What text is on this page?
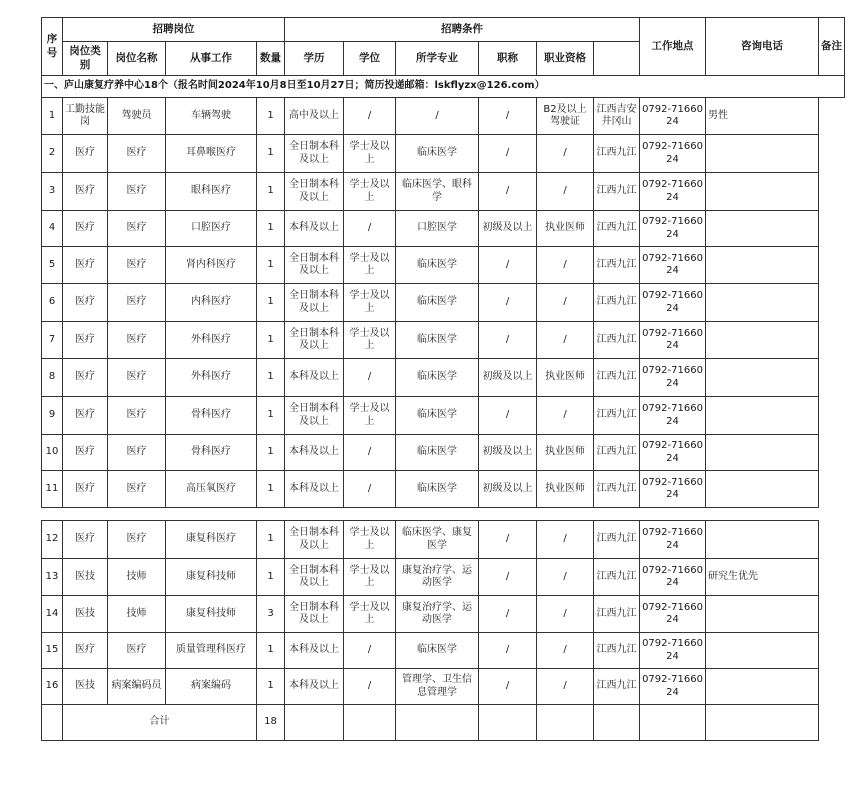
序号	招聘岗位				招聘条件						工作地点	咨询电话	备注
	岗位类别	岗位名称	从事工作	数量	学历	学位	所学专业	职称	职业资格				
一、庐山康复疗养中心18个（报名时间2024年10月8日至10月27日；简历投递邮箱：lskflyzx@126.com）													
1	工勤技能岗	驾驶员	车辆驾驶	1	高中及以上	/	/	/	B2及以上驾驶证	江西吉安井冈山	0792-7166024	男性	
2	医疗	医疗	耳鼻喉医疗	1	全日制本科及以上	学士及以上	临床医学	/	/	江西九江	0792-7166024		
3	医疗	医疗	眼科医疗	1	全日制本科及以上	学士及以上	临床医学、眼科学	/	/	江西九江	0792-7166024		
4	医疗	医疗	口腔医疗	1	本科及以上	/	口腔医学	初级及以上	执业医师	江西九江	0792-7166024		
5	医疗	医疗	肾内科医疗	1	全日制本科及以上	学士及以上	临床医学	/	/	江西九江	0792-7166024		
6	医疗	医疗	内科医疗	1	全日制本科及以上	学士及以上	临床医学	/	/	江西九江	0792-7166024		
7	医疗	医疗	外科医疗	1	全日制本科及以上	学士及以上	临床医学	/	/	江西九江	0792-7166024		
8	医疗	医疗	外科医疗	1	本科及以上	/	临床医学	初级及以上	执业医师	江西九江	0792-7166024		
9	医疗	医疗	骨科医疗	1	全日制本科及以上	学士及以上	临床医学	/	/	江西九江	0792-7166024		
10	医疗	医疗	骨科医疗	1	本科及以上	/	临床医学	初级及以上	执业医师	江西九江	0792-7166024		
11	医疗	医疗	高压氧医疗	1	本科及以上	/	临床医学	初级及以上	执业医师	江西九江	0792-7166024		
12	医疗	医疗	康复科医疗	1	全日制本科及以上	学士及以上	临床医学、康复医学	/	/	江西九江	0792-7166024	
13	医技	技师	康复科技师	1	全日制本科及以上	学士及以上	康复治疗学、运动医学	/	/	江西九江	0792-7166024	研究生优先
14	医技	技师	康复科技师	3	全日制本科及以上	学士及以上	康复治疗学、运动医学	/	/	江西九江	0792-7166024	
15	医疗	医疗	质量管理科医疗	1	本科及以上	/	临床医学	/	/	江西九江	0792-7166024	
16	医技	病案编码员	病案编码	1	本科及以上	/	管理学、卫生信息管理学	/	/	江西九江	0792-7166024	
	合计			18								
